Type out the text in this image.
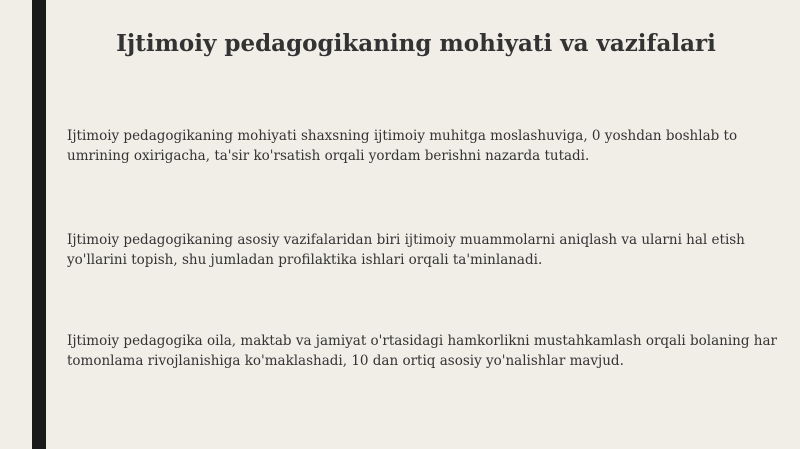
Ijtimoiy pedagogikaning mohiyati va vazifalari

Ijtimoiy pedagogikaning mohiyati shaxsning ijtimoiy muhitga moslashuviga, 0 yoshdan boshlab to umrining oxirigacha, ta'sir ko'rsatish orqali yordam berishni nazarda tutadi.

Ijtimoiy pedagogikaning asosiy vazifalaridan biri ijtimoiy muammolarni aniqlash va ularni hal etish yo'llarini topish, shu jumladan profilaktika ishlari orqali ta'minlanadi.

Ijtimoiy pedagogika oila, maktab va jamiyat o'rtasidagi hamkorlikni mustahkamlash orqali bolaning har tomonlama rivojlanishiga ko'maklashadi, 10 dan ortiq asosiy yo'nalishlar mavjud.
